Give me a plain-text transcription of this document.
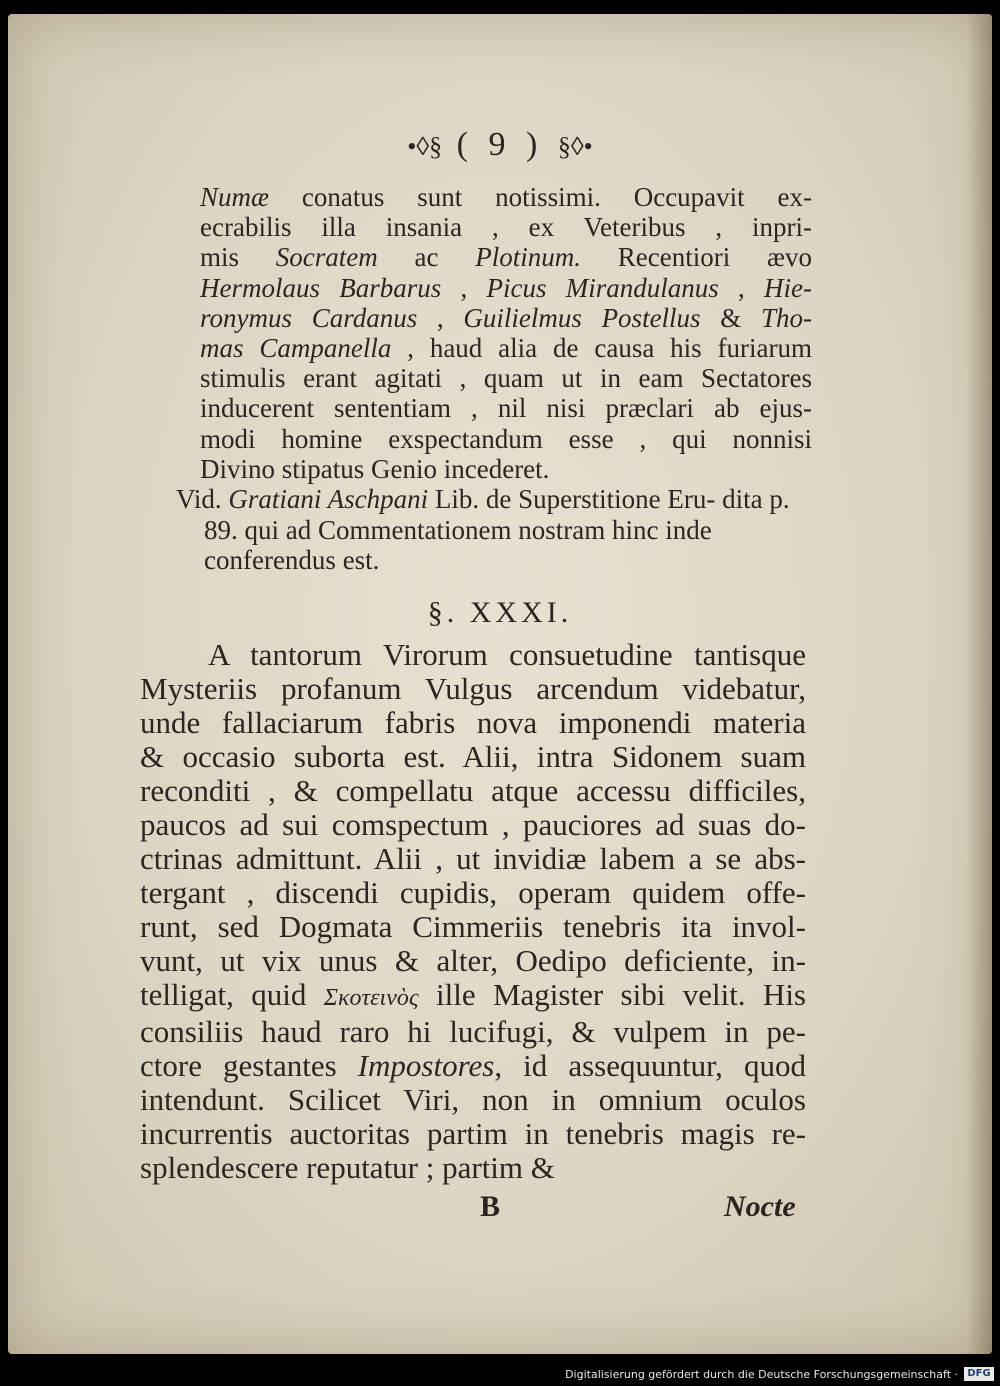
•◊§ ( 9 ) §◊•
Numæ conatus sunt notissimi. Occupavit ex-
ecrabilis illa insania , ex Veteribus , inpri-
mis Socratem ac Plotinum. Recentiori ævo
Hermolaus Barbarus , Picus Mirandulanus , Hie-
ronymus Cardanus , Guilielmus Postellus & Tho-
mas Campanella , haud alia de causa his furiarum
stimulis erant agitati , quam ut in eam Sectatores
inducerent sententiam , nil nisi præclari ab ejus-
modi homine exspectandum esse , qui nonnisi
Divino stipatus Genio incederet.

Vid. Gratiani Aschpani Lib. de Superstitione Eru- dita p. 89. qui ad Commentationem nostram hinc inde conferendus est.

§. XXXI.
A tantorum Virorum consuetudine tantisque
Mysteriis profanum Vulgus arcendum videbatur,
unde fallaciarum fabris nova imponendi materia
& occasio suborta est. Alii, intra Sidonem suam
reconditi , & compellatu atque accessu difficiles,
paucos ad sui comspectum , pauciores ad suas do-
ctrinas admittunt. Alii , ut invidiæ labem a se abs-
tergant , discendi cupidis, operam quidem offe-
runt, sed Dogmata Cimmeriis tenebris ita invol-
vunt, ut vix unus & alter, Oedipo deficiente, in-
telligat, quid Σκοτεινὸς ille Magister sibi velit. His
consiliis haud raro hi lucifugi, & vulpem in pe-
ctore gestantes Impostores, id assequuntur, quod
intendunt. Scilicet Viri, non in omnium oculos
incurrentis auctoritas partim in tenebris magis re-
splendescere reputatur ; partim &
B	Nocte
Digitalisierung gefördert durch die Deutsche Forschungsgemeinschaft · DFG
